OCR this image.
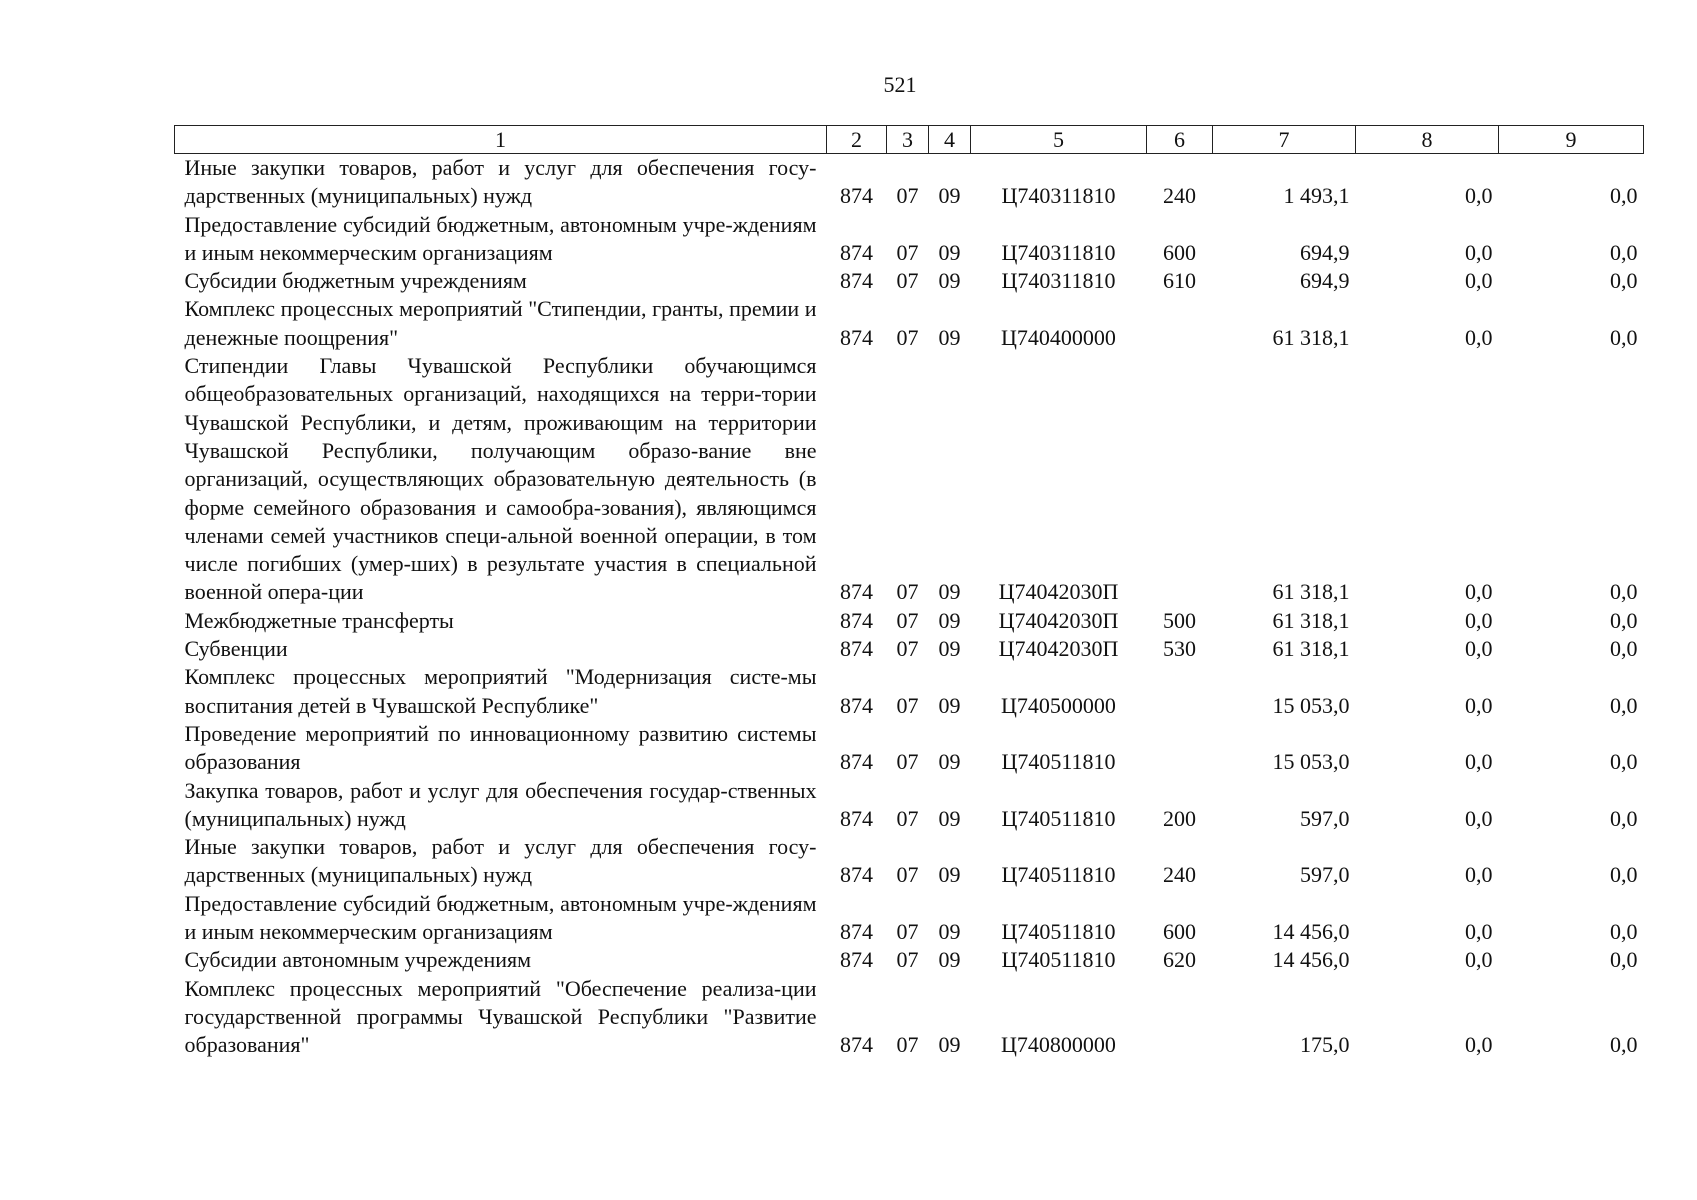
521
1	2	3	4	5	6	7	8	9
Иные закупки товаров, работ и услуг для обеспечения госу-дарственных (муниципальных) нужд	874	07	09	Ц740311810	240	1 493,1	0,0	0,0
Предоставление субсидий бюджетным, автономным учре-ждениям и иным некоммерческим организациям	874	07	09	Ц740311810	600	694,9	0,0	0,0
Субсидии бюджетным учреждениям	874	07	09	Ц740311810	610	694,9	0,0	0,0
Комплекс процессных мероприятий "Стипендии, гранты, премии и денежные поощрения"	874	07	09	Ц740400000		61 318,1	0,0	0,0
Стипендии Главы Чувашской Республики обучающимся общеобразовательных организаций, находящихся на терри-тории Чувашской Республики, и детям, проживающим на территории Чувашской Республики, получающим образо-вание вне организаций, осуществляющих образовательную деятельность (в форме семейного образования и самообра-зования), являющимся членами семей участников специ-альной военной операции, в том числе погибших (умер-ших) в результате участия в специальной военной опера-ции	874	07	09	Ц74042030П		61 318,1	0,0	0,0
Межбюджетные трансферты	874	07	09	Ц74042030П	500	61 318,1	0,0	0,0
Субвенции	874	07	09	Ц74042030П	530	61 318,1	0,0	0,0
Комплекс процессных мероприятий "Модернизация систе-мы воспитания детей в Чувашской Республике"	874	07	09	Ц740500000		15 053,0	0,0	0,0
Проведение мероприятий по инновационному развитию системы образования	874	07	09	Ц740511810		15 053,0	0,0	0,0
Закупка товаров, работ и услуг для обеспечения государ-ственных (муниципальных) нужд	874	07	09	Ц740511810	200	597,0	0,0	0,0
Иные закупки товаров, работ и услуг для обеспечения госу-дарственных (муниципальных) нужд	874	07	09	Ц740511810	240	597,0	0,0	0,0
Предоставление субсидий бюджетным, автономным учре-ждениям и иным некоммерческим организациям	874	07	09	Ц740511810	600	14 456,0	0,0	0,0
Субсидии автономным учреждениям	874	07	09	Ц740511810	620	14 456,0	0,0	0,0
Комплекс процессных мероприятий "Обеспечение реализа-ции государственной программы Чувашской Республики "Развитие образования"	874	07	09	Ц740800000		175,0	0,0	0,0
